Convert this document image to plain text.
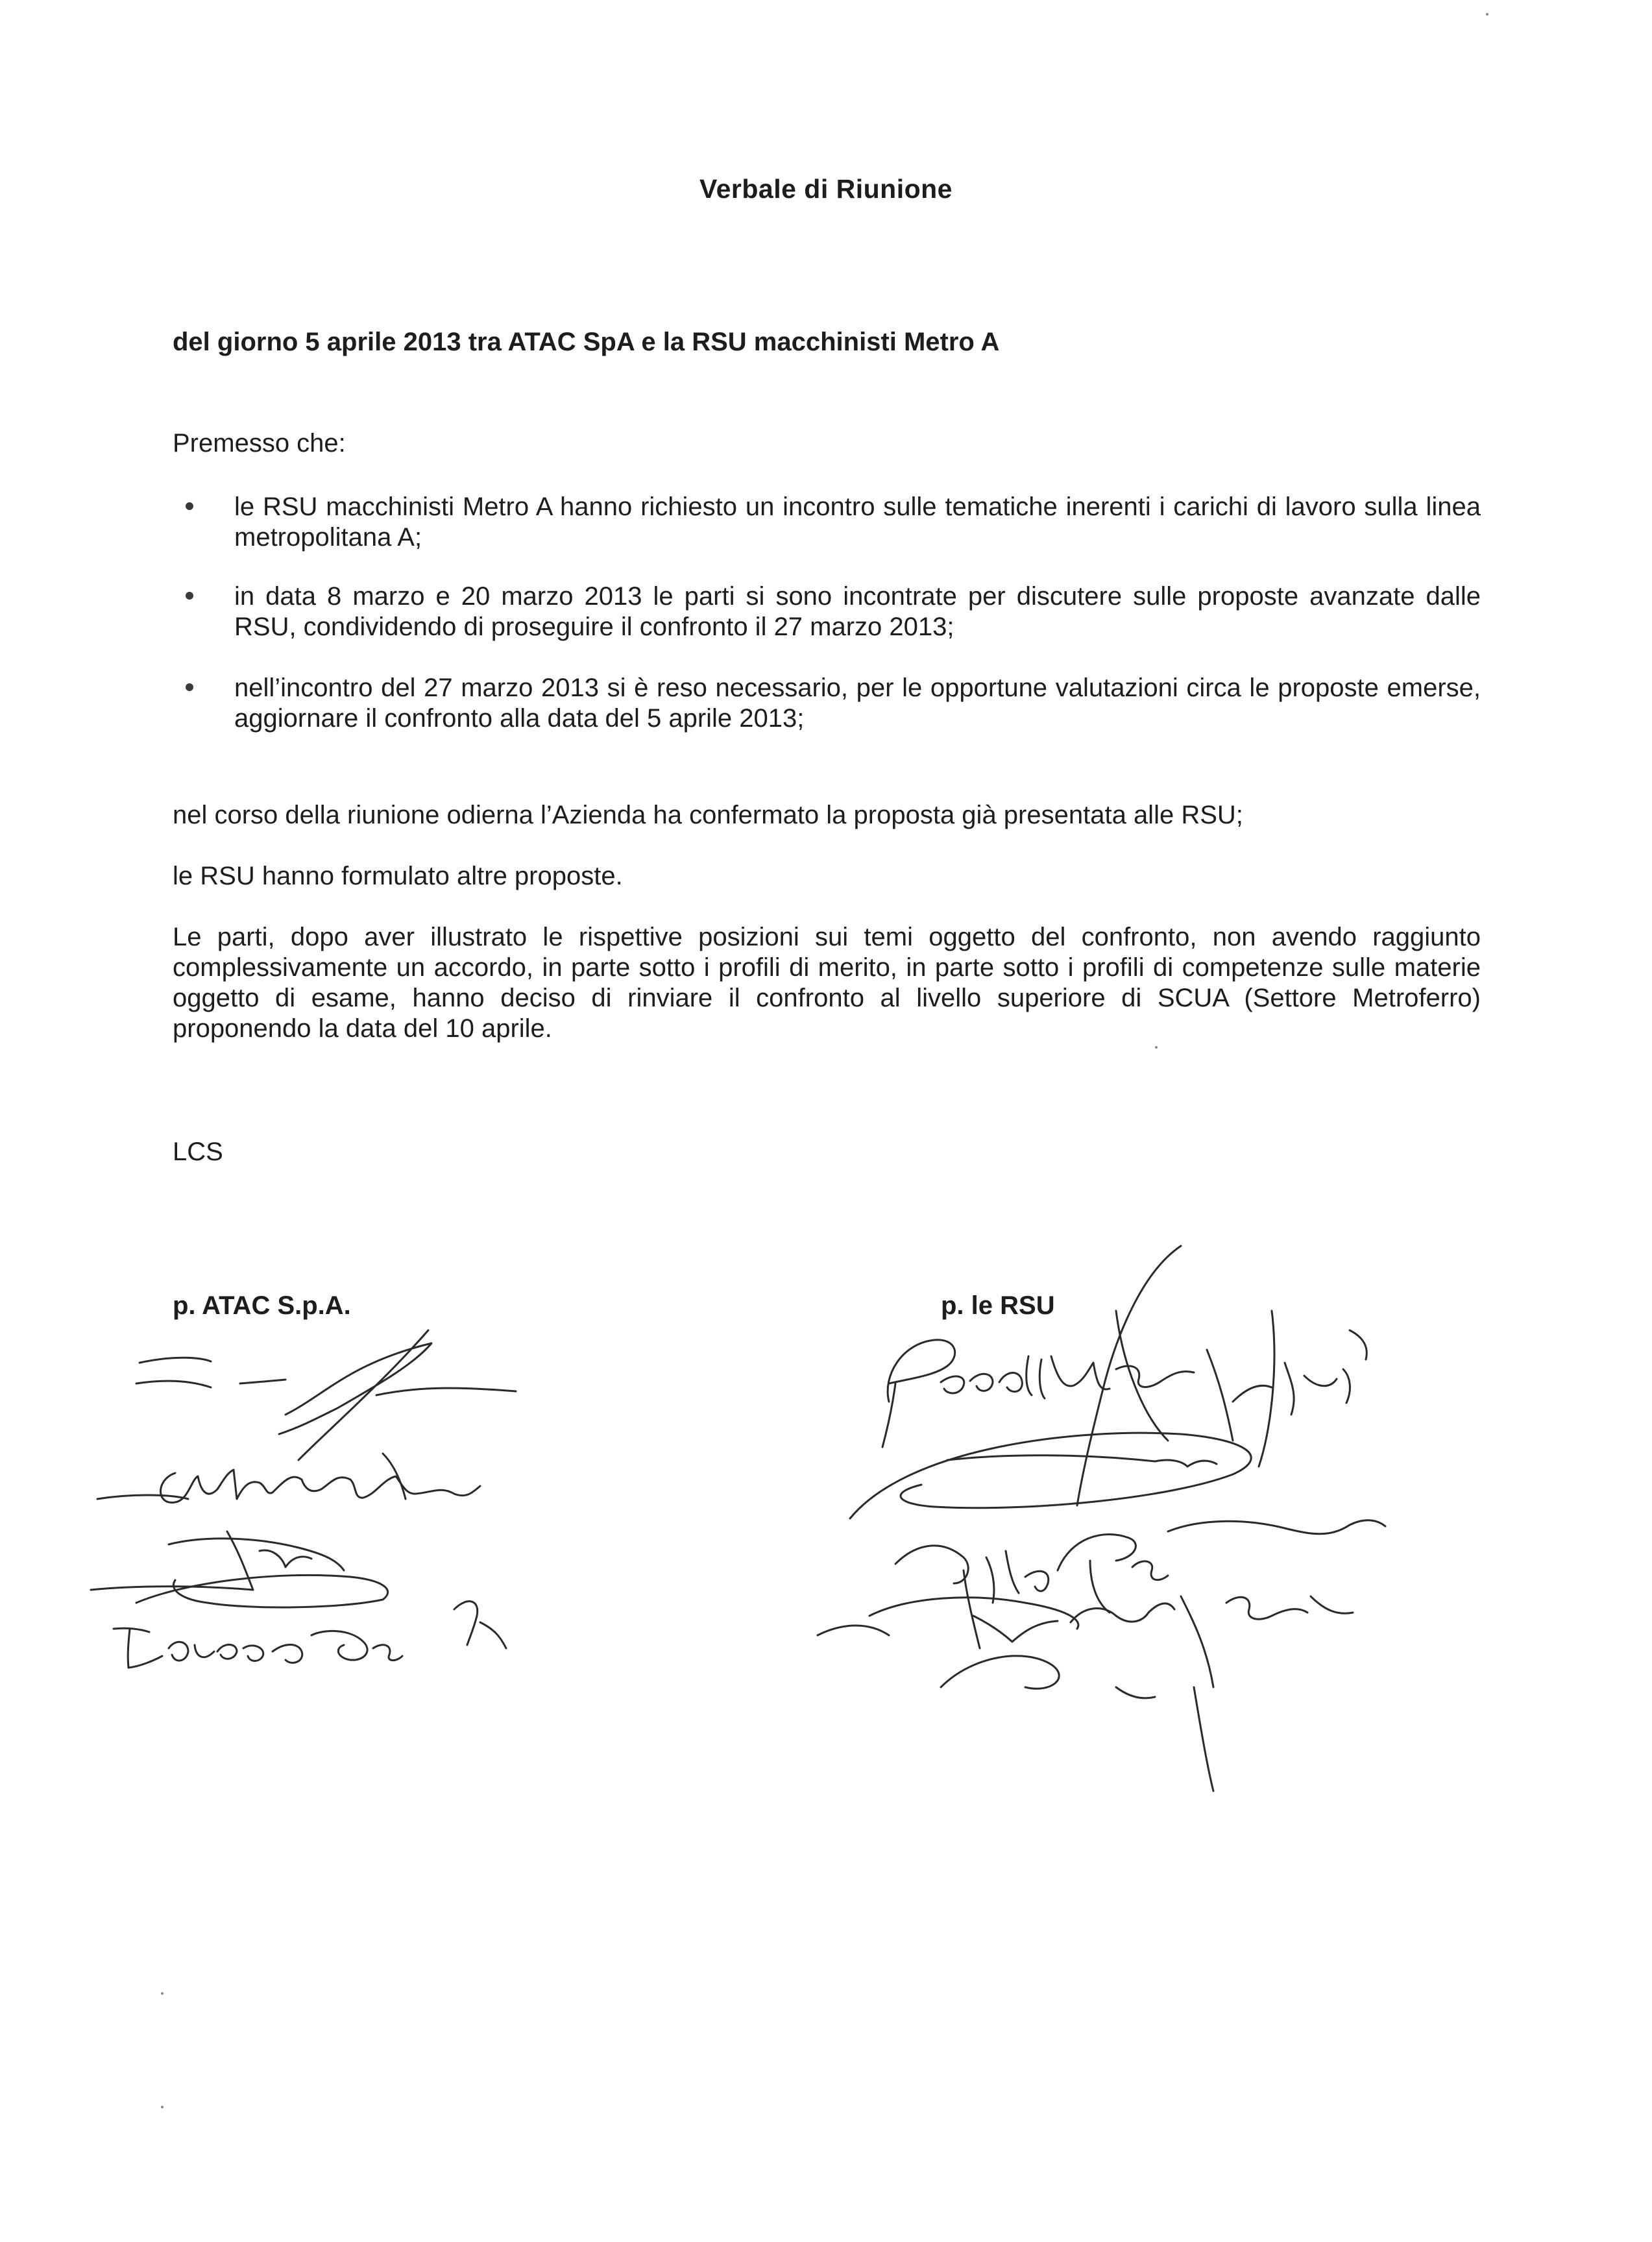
Verbale di Riunione
del giorno 5 aprile 2013 tra ATAC SpA e la RSU macchinisti Metro A

Premesso che:

le RSU macchinisti Metro A hanno richiesto un incontro sulle tematiche inerenti i carichi di lavoro sulla linea metropolitana A;

in data 8 marzo e 20 marzo 2013 le parti si sono incontrate per discutere sulle proposte avanzate dalle RSU, condividendo di proseguire il confronto il 27 marzo 2013;

nell’incontro del 27 marzo 2013 si è reso necessario, per le opportune valutazioni circa le proposte emerse, aggiornare il confronto alla data del 5 aprile 2013;

nel corso della riunione odierna l’Azienda ha confermato la proposta già presentata alle RSU;

le RSU hanno formulato altre proposte.

Le parti, dopo aver illustrato le rispettive posizioni sui temi oggetto del confronto, non avendo raggiunto complessivamente un accordo, in parte sotto i profili di merito, in parte sotto i profili di competenze sulle materie oggetto di esame, hanno deciso di rinviare il confronto al livello superiore di SCUA (Settore Metroferro) proponendo la data del 10 aprile.

LCS

p. ATAC S.p.A.	p. le RSU
